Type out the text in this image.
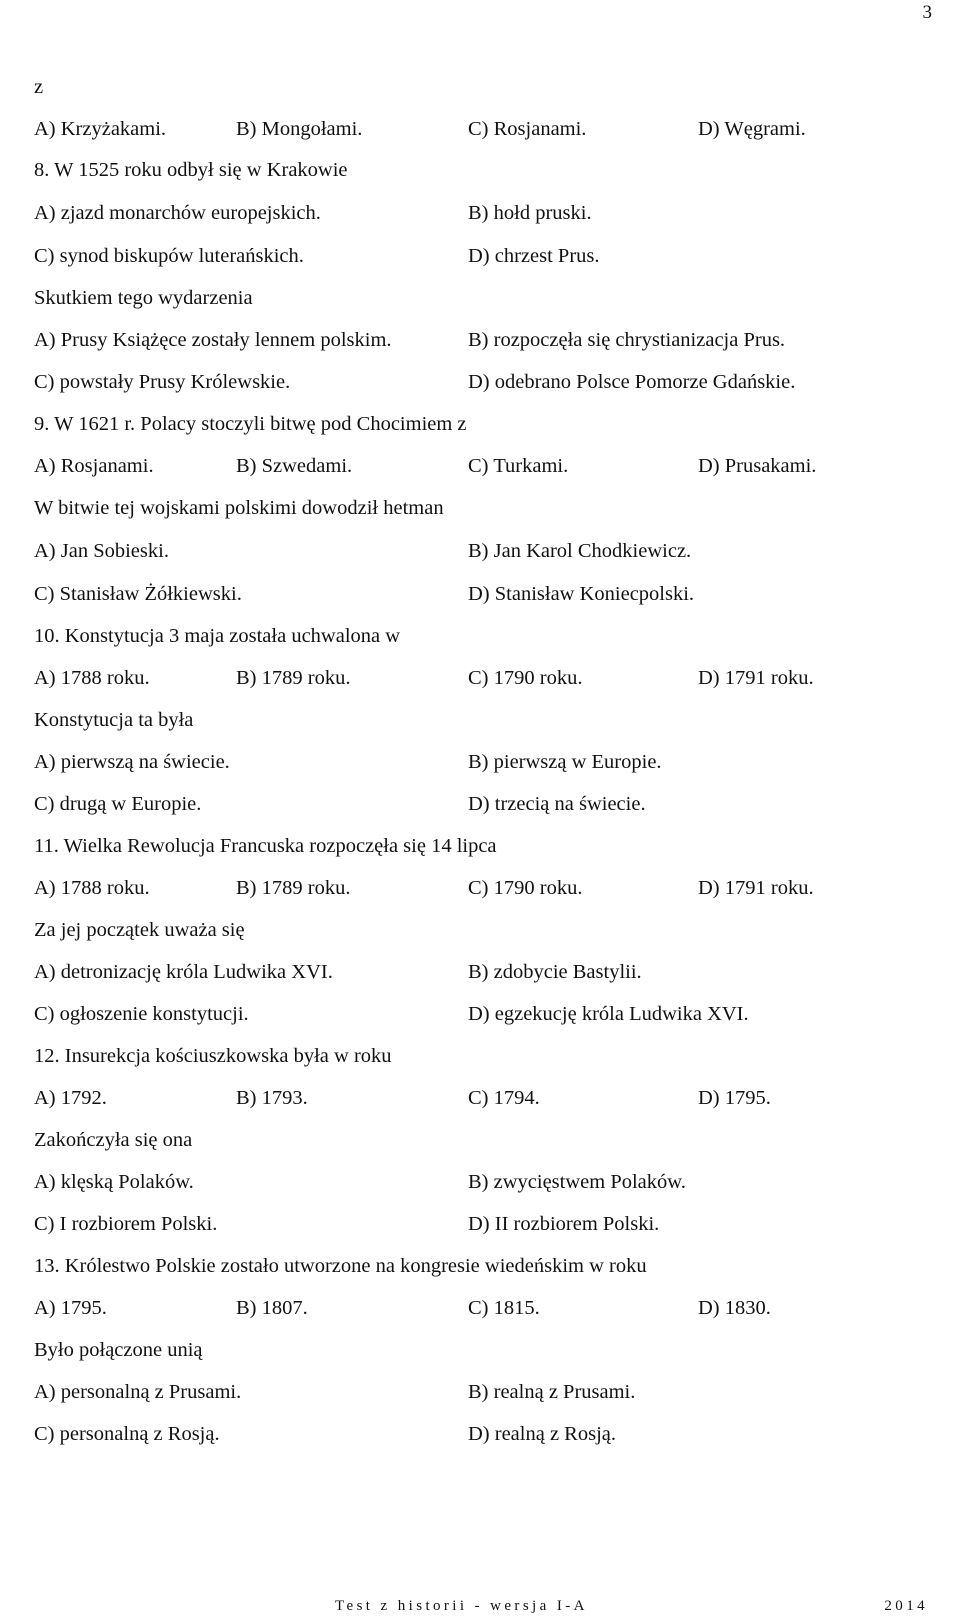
3
z
A) Krzyżakami.	B) Mongołami.	C) Rosjanami.	D) Węgrami.
8. W 1525 roku odbył się w Krakowie
A) zjazd monarchów europejskich.	B) hołd pruski.
C) synod biskupów luterańskich.	D) chrzest Prus.
Skutkiem tego wydarzenia
A) Prusy Książęce zostały lennem polskim.	B) rozpoczęła się chrystianizacja Prus.
C) powstały Prusy Królewskie.	D) odebrano Polsce Pomorze Gdańskie.
9. W 1621 r. Polacy stoczyli bitwę pod Chocimiem z
A) Rosjanami.	B) Szwedami.	C) Turkami.	D) Prusakami.
W bitwie tej wojskami polskimi dowodził hetman
A) Jan Sobieski.	B) Jan Karol Chodkiewicz.
C) Stanisław Żółkiewski.	D) Stanisław Koniecpolski.
10. Konstytucja 3 maja została uchwalona w
A) 1788 roku.	B) 1789 roku.	C) 1790 roku.	D) 1791 roku.
Konstytucja ta była
A) pierwszą na świecie.	B) pierwszą w Europie.
C) drugą w Europie.	D) trzecią na świecie.
11. Wielka Rewolucja Francuska rozpoczęła się 14 lipca
A) 1788 roku.	B) 1789 roku.	C) 1790 roku.	D) 1791 roku.
Za jej początek uważa się
A) detronizację króla Ludwika XVI.	B) zdobycie Bastylii.
C) ogłoszenie konstytucji.	D) egzekucję króla Ludwika XVI.
12. Insurekcja kościuszkowska była w roku
A) 1792.	B) 1793.	C) 1794.	D) 1795.
Zakończyła się ona
A) klęską Polaków.	B) zwycięstwem Polaków.
C) I rozbiorem Polski.	D) II rozbiorem Polski.
13. Królestwo Polskie zostało utworzone na kongresie wiedeńskim w roku
A) 1795.	B) 1807.	C) 1815.	D) 1830.
Było połączone unią
A) personalną z Prusami.	B) realną z Prusami.
C) personalną z Rosją.	D) realną z Rosją.
Test z historii - wersja I-A	2014
